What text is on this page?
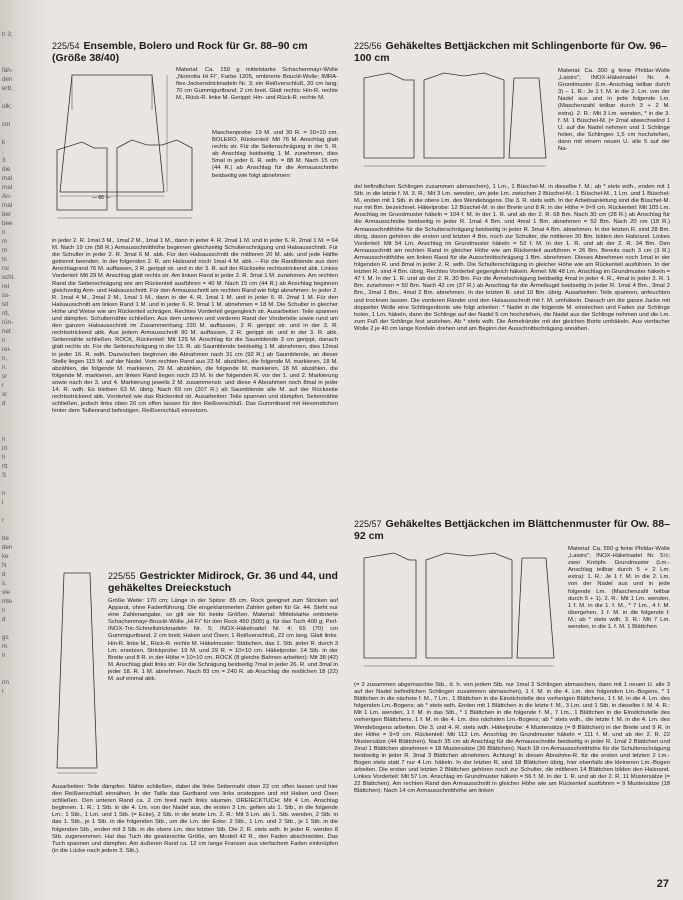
h 3;

fäh-
den
erb;

olk;

cm

k
;
3
die
mal
mal
An-
mal
ber
bee
n
m
m
ts
rsr
schl.
rel
ss-
sit
rd,
rün-
net
n
rei-
n,
n.
sr
r
sr
d

n
irt
h
rtt
S

n
l

r

be
den
ke
N
d
s.
vie
mle
n
d

gs
m
n

nn
r
225/54 Ensemble, Bolero und Rock für Gr. 88–90 cm (Größe 38/40)
— 66 —
Material: Ca. 150 g mittelstarke Schachenmayr-Wolle „Nomotta Hi Fi", Farbe 1205, ombrierte Bouclé-Wolle; IMRA-flex-Jackenstricknadeln Nr. 3; ein Reißverschluß, 20 cm lang; 70 cm Gummigurtband, 2 cm breit. Glatt rechts: Hin-R. rechte M., Rück-R. linke M. Gerippt: Hin- und Rück-R. rechte M.
Maschenprobe: 19 M. und 30 R. = 10×10 cm. BOLERO, Rückenteil: Mit 76 M. Anschlag glatt rechts str. Für die Seitenschrägung in der 5. R. ab Anschlag beidseitig 1 M. zunehmen, dies 5mal in jeder 6. R. wdh. = 88 M. Nach 15 cm (44 R.) ab Anschlag für die Armausschnitte beidseitig wie folgt abnehmen:
in jeder 2. R. 1mal 3 M., 1mal 2 M., 1mal 1 M., dann in jeder 4. R. 2mal 1 M. und in jeder 6. R. 2mal 1 M. = 64 M. Nach 19 cm (58 R.) Armausschnitthöhe beginnen gleichzeitig Schulterschrägung und Halsausschnitt. Für die Schulter in jeder 2. R. 3mal 6 M. abk. Für den Halsausschnitt die mittleren 20 M. abk. und jede Hälfte getrennt beenden. In der folgenden 2. R. am Halsrand noch 1mal 4 M. abk. – Für die Randblende aus dem Anschlagrand 76 M. auffassen, 2 R. gerippt str. und in der 3. R. auf der Rückseite rechtsstrickend abk. Linkes Vorderteil: Mit 29 M. Anschlag glatt rechts str. Am linken Rand in jeder 2. R. 3mal 1 M. zunehmen. Am rechten Rand die Seitenschrägung wie am Rückenteil ausführen = 40 M. Nach 15 cm (44 R.) ab Anschlag beginnen gleichzeitig Arm- und Halsausschnitt. Für den Armausschnitt am rechten Rand wie folgt abnehmen: In jeder 2. R. 1mal 4 M., 2mal 2 M., 1mal 1 M., dann in der 4. R. 1mal 1 M. und in jeder 6. R. 2mal 1 M. Für den Halsausschnitt am linken Rand 1 M. und in jeder 6. R. 9mal 1 M. abnehmen = 18 M. Die Schulter in gleicher Höhe und Weise wie am Rückenteil schrägen. Rechtes Vorderteil gegengleich str. Ausarbeiten: Teile spannen und dämpfen. Schulternähte schließen. Aus dem unteren und vorderen Rand der Vorderteile sowie rund um den ganzen Halsausschnitt im Zusammenhang 220 M. auffassen, 2 R. gerippt str. und in der 3. R. rechtsstrickend abk. Aus jedem Armausschnitt 90 M. auffassen, 2 R. gerippt str. und in der 3. R. abk. Seitennähte schließen. ROCK, Rückenteil: Mit 125 M. Anschlag für die Saumblende 3 cm gerippt, danach glatt rechts str. Für die Seitenschrägung in der 13. R. ab Saumblende beidseitig 1 M. abnehmen, dies 12mal in jeder 16. R. wdh. Dazwischen beginnen die Abnahmen nach 31 cm (92 R.) ab Saumblende, an dieser Stelle liegen 115 M. auf der Nadel. Vom rechten Rand aus 23 M. abzählen, die folgende M. markieren, 18 M. abzählen, die folgende M. markieren, 29 M. abzählen, die folgende M. markieren, 18 M. abzählen, die folgende M. markieren, am linken Rand liegen noch 23 M. In der folgenden R. vor der 1. und 2. Markierung sowie nach der 3. und 4. Markierung jeweils 2 M. zusammenstr. und diese 4 Abnahmen noch 8mal in jeder 14. R. wdh. Es bleiben 63 M. übrig. Nach 69 cm (207 R.) ab Saumblende alle M. auf der Rückseite rechtsstrickend abk. Vorderteil wie das Rückenteil str. Ausarbeiten: Teile spannen und dämpfen. Seitennähte schließen, jedoch links oben 20 cm offen lassen für den Reißverschluß. Das Gummiband mit Hexenstichen hinter dem Taillenrand befestigen. Reißverschluß einsetzen.
225/55 Gestrickter Midirock, Gr. 36 und 44, und gehäkeltes Dreieckstuch
Größe Weite: 170 cm; Länge in der Spitze: 85 cm. Rock geeignet zum Stricken auf Apparat, ohne Fadenführung. Die eingeklammerten Zahlen gelten für Gr. 44. Steht nur eine Zahlenangabe, so gilt sie für beide Größen. Material: Mittelstarke ombrierte Schachenmayr-Bouclé-Wolle „Hi Fi" für den Rock 450 (500) g, für das Tuch 400 g; Perl-INOX-Tric-Schnellstricknadeln Nr. 5; INOX-Häkelnadel Nr. 4; 65 (70) cm Gummigurtband, 2 cm breit; Haken und Ösen; 1 Reißverschluß, 22 cm lang. Glatt links: Hin-R. linke M., Rück-R. rechte M. Häkelmuster: Stäbchen, das 1. Stb. jeder R. durch 3 Lm. ersetzen. Strickprobe: 19 M. und 29 R. = 10×10 cm. Häkelprobe: 14 Stb. in der Breite und 8 R. in der Höhe = 10×10 cm. ROCK (8 gleiche Bahnen arbeiten): Mit 38 (42) M. Anschlag glatt links str. Für die Schrägung beidseitig 7mal in jeder 26. R. und 3mal in jeder 18. R. 1 M. abnehmen. Nach 83 cm = 240 R. ab Anschlag die restlichen 18 (22) M. auf einmal abk.
Ausarbeiten: Teile dämpfen. Nähte schließen, dabei die linke Seitennaht oben 22 cm offen lassen und hier den Reißverschluß einnähen. In der Taille das Gurtband von links onsteppen und mit Haken und Ösen schließen. Den unteren Rand ca. 2 cm breit nach links säumen. DREIECKTUCH: Mit 4 Lm. Anschlag beginnen. 1. R.: 1 Stb. in die 4. Lm. von der Nadel aus, die ersten 3 Lm. gelten als 1. Stb., in die folgende Lm.: 1 Stb., 1 Lm. und 1 Stb. (= Ecke), 2 Stb. in die letzte Lm. 2. R.: Mit 3 Lm. als 1. Stb. wenden, 2 Stb. in das 1. Stb., je 1 Stb. in die folgenden Stb., um die Lm. der Ecke: 2 Stb., 1 Lm. und 2 Stb., je 1 Stb. in die folgenden Stb., enden mit 3 Stb. in die obere Lm. des letzten Stb. Die 2. R. stets wdh. In jeder R. werden 8 Stb. zugenommen. Hat das Tuch die gewünschte Größe, am Modell 42 R., den Faden abschneiden. Das Tuch spannen und dämpfen. Am äußeren Rand ca. 12 cm lange Fransen aus vierfachem Faden einknüpfen (in die Lücke nach jedem 3. Stb.).
225/56 Gehäkeltes Bettjäckchen mit Schlingenborte für Ow. 96–100 cm
Material: Ca. 300 g feine Phildar-Wolle „Laisirs"; INOX-Häkelnadel Nr. 4. Grundmuster (Lm.-Anschlag teilbar durch 3) – 1. R.: Je 1 f. M. in die 2. Lm. von der Nadel aus und in jede folgende Lm. (Maschenzahl teilbar durch 3 + 2 M. extra). 2. R.: Mit 3 Lm. wenden, * in die 3. f. M. 1 Büschel-M. (= 2mal abwechselnd 1 U. auf die Nadel nehmen und 1 Schlinge holen, die Schlingen 1,5 cm hochziehen, dann mit einem neuen U. alle 5 auf der Na-
del befindlichen Schlingen zusammen abmaschen), 1 Lm., 1 Büschel-M. in dieselbe f. M.; ab * stets wdh., enden mit 1 Stb. in die letzte f. M. 3. R.: Mit 3 Lm. wenden, um jede Lm. zwischen 2 Büschel-M.: 1 Büschel-M., 1 Lm. und 1 Büschel-M., enden mit 1 Stb. in die obere Lm. des Wendebogens. Die 3. R. stets wdh. In der Arbeitsanleitung sind die Büschel-M. nur mit Bm. bezeichnet. Häkelprobe: 12 Büschel-M. in der Breite und 8 R. in der Höhe = 9×9 cm. Rückenteil: Mit 105 Lm. Anschlag im Grundmuster häkeln = 104 f. M. In der 1. R. und ab der 2. R. 68 Bm. Nach 30 cm (28 R.) ab Anschlag für die Armausschnitte beidseitig in jeder R. 1mal 4 Bm. und 4mal 1 Bm. abnehmen = 52 Bm. Nach 20 cm (18 R.) Armausschnitthöhe für die Schulterschrägung beidseitig in jeder R. 3mal 4 Bm. abnehmen. In der letzten R. sind 28 Bm. übrig, davon gehören die ersten und letzten 4 Bm. noch zur Schulter, die mittleren 20 Bm. bilden den Halsrand. Linkes Vorderteil: Mit 54 Lm. Anschlag im Grundmuster häkeln = 53 f. M. In der 1. R. und ab der 2. R. 34 Bm. Den Armausschnitt am rechten Rand in gleicher Höhe wie am Rückenteil ausführen = 26 Bm. Bereits nach 3 cm (3 R.) Armausschnitthöhe am linken Rand für die Ausschnittschrägung 1 Bm. abnehmen. Dieses Abnehmen noch 1mal in der folgenden R. und 8mal in jeder 2. R. wdh. Die Schulterschrägung in gleicher Höhe wie am Rückenteil ausführen. In der letzten R. sind 4 Bm. übrig. Rechtes Vorderteil gegengleich häkeln. Ärmel: Mit 48 Lm. Anschlag im Grundmuster häkeln = 47 f. M. In der 1. R. und ab der 2. R. 30 Bm. Für die Ärmelschrägung beidseitig 4mal in jeder 4. R., 4mal in jeder 3. R. 1 Bm. zunehmen = 50 Bm. Nach 42 cm (37 R.) ab Anschlag für die Ärmelkugel beidseitig in jeder R. 1mal 4 Bm., 3mal 2 Bm., 2mal 1 Bm., 4mal 2 Bm. abnehmen. In der letzten R. sind 10 Bm. übrig. Ausarbeiten: Teile spannen, anfeuchten und trocknen lassen. Die vorderen Ränder und den Halsausschnitt mit f. M. umhäkeln. Danach um die ganze Jacke mit doppelter Wolle eine Schlingenborte wie folgt arbeiten: * Nadel in die folgende M. einstechen und Faden zur Schlinge holen, 1 Lm. häkeln, dann die Schlinge auf der Nadel 5 cm hochziehen, die Nadel aus der Schlinge nehmen und die Lm. zum Fuß der Schlinge fest anziehen. Ab * stets wdh. Die Ärmelränder mit der gleichen Borte umhäkeln. Aus vierfacher Wolle 2 je 40 cm lange Kordeln drehen und am Beginn der Ausschnittschrägung annähen.
225/57 Gehäkeltes Bettjäckchen im Blättchenmuster für Ow. 88–92 cm
Material: Ca. 550 g feine Phildar-Wolle „Laisirs"; INOX-Häkelnadel Nr. 5½; zwei Knöpfe. Grundmuster (Lm.-Anschlag teilbar durch 5 + 2 Lm. extra): 1. R.: Je 1 f. M. in die 2. Lm. von der Nadel aus und in jede folgende Lm. (Maschenzahl teilbar durch 5 + 1). 2. R.: Mit 1 Lm. wenden, 1 f. M. in die 1. f. M., * 7 Lm., 4 f. M. übergehen, 1 f. M. in die folgende f. M.; ab * stets wdh. 3. R.: Mit 7 Lm. wenden, in die 1. f. M. 1 Blättchen
(= 2 zusammen abgemaschte Stb., d. h. von jedem Stb. nur 1mal 2 Schlingen abmaschen, dann mit 1 neuen U. alle 3 auf der Nadel befindlichen Schlingen zusammen abmaschen), 1 f. M. in die 4. Lm. des folgenden Lm.-Bogens, * 1 Blättchen in die nächste f. M., 7 Lm., 1 Blättchen in die Einstichstelle des vorherigen Blättchens, 1 f. M. in die 4. Lm. des folgenden Lm.-Bogens; ab * stets wdh. Enden mit 1 Blättchen in die letzte f. M., 3 Lm. und 1 Stb. in dieselbe f. M. 4. R.: Mit 1 Lm. wenden, 1 f. M. in das Stb., * 1 Blättchen in die folgende f. M., 7 Lm., 1 Blättchen in die Einstichstelle des vorherigen Blättchens, 1 f. M. in die 4. Lm. des nächsten Lm.-Bogens; ab * stets wdh., die letzte f. M. in die 4. Lm. des Wendebogens arbeiten. Die 3. und 4. R. stets wdh. Häkelprobe: 4 Mustersätze (= 8 Blättchen) in der Breite und 9 R. in der Höhe = 9×9 cm. Rückenteil: Mit 112 Lm. Anschlag im Grundmuster häkeln = 111 f. M. und ab der 2. R. 22 Mustersätze (44 Blättchen). Nach 35 cm ab Anschlag für die Armausschnitte beidseitig in jeder R. 1mal 2 Blättchen und 2mal 1 Blättchen abnehmen = 18 Mustersätze (36 Blättchen). Nach 18 cm Armausschnitthöhe für die Schulterschrägung beidseitig in jeder R. 3mal 3 Blättchen abnehmen. Achtung! In diesen Abnahme-R. für die ersten und letzten 2 Lm.-Bogen stets statt 7 nur 4 Lm. häkeln. In der letzten R. sind 18 Blättchen übrig, hier ebenfalls die kleineren Lm.-Bogen arbeiten. Die ersten und letzten 2 Blättchen gehören noch zur Schulter, die mittleren 14 Blättchen bilden den Halsrand. Linkes Vorderteil: Mit 57 Lm. Anschlag im Grundmuster häkeln = 56 f. M. In der 1. R. und ab der 2. R. 11 Mustersätze (= 22 Blättchen). Am rechten Rand den Armausschnitt in gleicher Höhe wie am Rückenteil ausführen = 9 Mustersätze (18 Blättchen). Nach 14 cm Armausschnitthöhe am linken
27
